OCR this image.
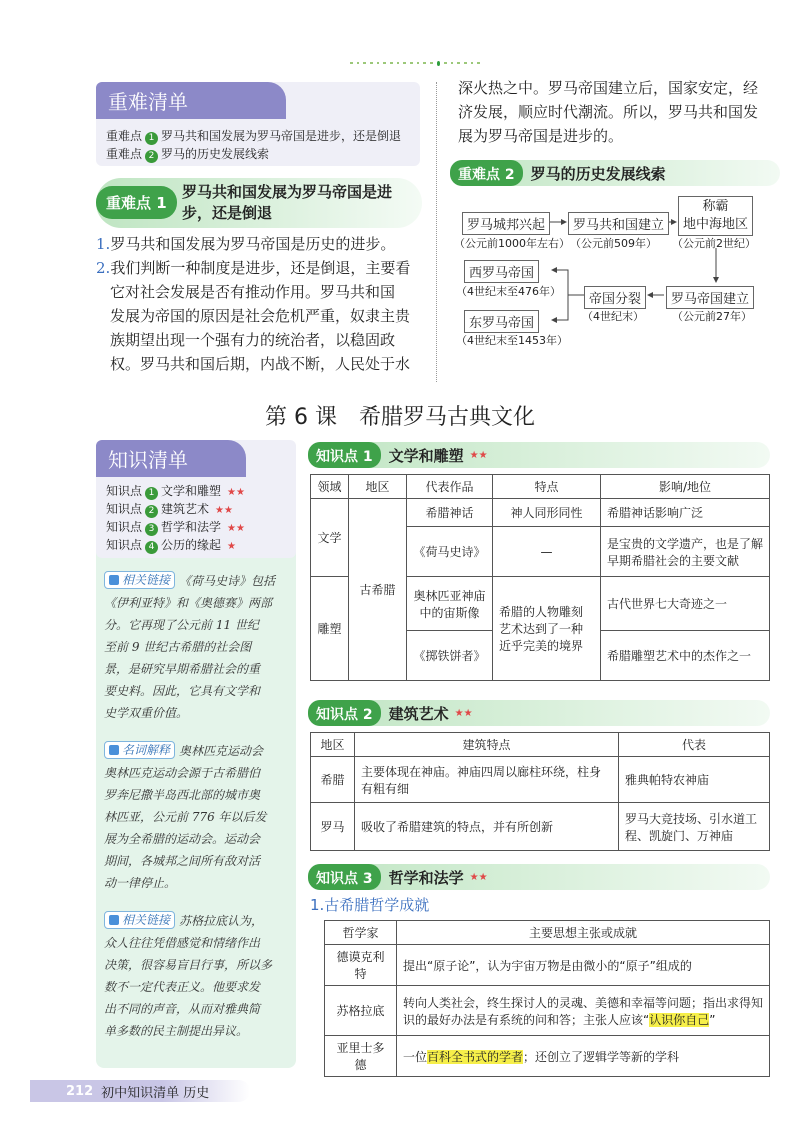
重难清单
重难点 1 罗马共和国发展为罗马帝国是进步，还是倒退
重难点 2 罗马的历史发展线索
重难点 1
罗马共和国发展为罗马帝国是进
步，还是倒退
1.罗马共和国发展为罗马帝国是历史的进步。
2.我们判断一种制度是进步，还是倒退，主要看
它对社会发展是否有推动作用。罗马共和国
发展为帝国的原因是社会危机严重，奴隶主贵
族期望出现一个强有力的统治者，以稳固政
权。罗马共和国后期，内战不断，人民处于水
深火热之中。罗马帝国建立后，国家安定，经
济发展，顺应时代潮流。所以，罗马共和国发
展为罗马帝国是进步的。
重难点 2	罗马的历史发展线索
罗马城邦兴起
（公元前1000年左右）
罗马共和国建立
（公元前509年）
称霸
地中海地区
（公元前2世纪）
罗马帝国建立
（公元前27年）
帝国分裂
（4世纪末）
西罗马帝国
（4世纪末至476年）
东罗马帝国
（4世纪末至1453年）
第 6 课　希腊罗马古典文化
知识清单
知识点 1 文学和雕塑 ★★
知识点 2 建筑艺术 ★★
知识点 3 哲学和法学 ★★
知识点 4 公历的缘起 ★
相关链接 《荷马史诗》包括
《伊利亚特》和《奥德赛》两部
分。它再现了公元前 11 世纪
至前 9 世纪古希腊的社会图
景，是研究早期希腊社会的重
要史料。因此，它具有文学和
史学双重价值。
名词解释 奥林匹克运动会
奥林匹克运动会源于古希腊伯
罗奔尼撒半岛西北部的城市奥
林匹亚，公元前 776 年以后发
展为全希腊的运动会。运动会
期间，各城邦之间所有敌对活
动一律停止。
相关链接 苏格拉底认为，
众人往往凭借感觉和情绪作出
决策，很容易盲目行事，所以多
数不一定代表正义。他要求发
出不同的声音，从而对雅典简
单多数的民主制提出异议。
知识点 1	文学和雕塑 ★★
领域	地区	代表作品	特点	影响/地位
文学	古希腊	希腊神话	神人同形同性	希腊神话影响广泛
		《荷马史诗》	—	是宝贵的文学遗产，也是了解早期希腊社会的主要文献
雕塑		奥林匹亚神庙中的宙斯像	希腊的人物雕刻艺术达到了一种近乎完美的境界	古代世界七大奇迹之一
		《掷铁饼者》		希腊雕塑艺术中的杰作之一
知识点 2	建筑艺术 ★★
地区	建筑特点	代表
希腊	主要体现在神庙。神庙四周以廊柱环绕，柱身有粗有细	雅典帕特农神庙
罗马	吸收了希腊建筑的特点，并有所创新	罗马大竞技场、引水道工程、凯旋门、万神庙
知识点 3	哲学和法学 ★★
1.古希腊哲学成就
哲学家	主要思想主张或成就
德谟克利特	提出“原子论”，认为宇宙万物是由微小的“原子”组成的
苏格拉底	转向人类社会，终生探讨人的灵魂、美德和幸福等问题；指出求得知识的最好办法是有系统的问和答；主张人应该“认识你自己”
亚里士多德	一位百科全书式的学者；还创立了逻辑学等新的学科
212 初中知识清单 历史
